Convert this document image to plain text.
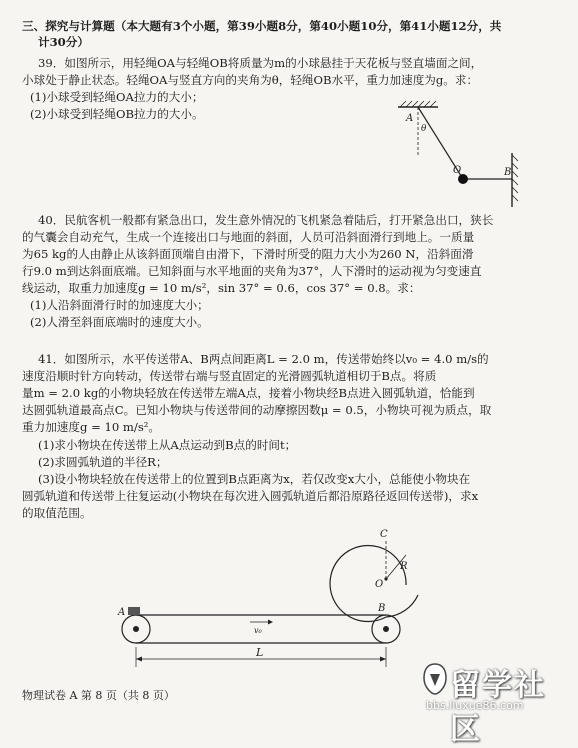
三、探究与计算题（本大题有3个小题，第39小题8分，第40小题10分，第41小题12分，共
计30分）
39．如图所示，用轻绳OA与轻绳OB将质量为m的小球悬挂于天花板与竖直墙面之间，
小球处于静止状态。轻绳OA与竖直方向的夹角为θ，轻绳OB水平，重力加速度为g。求：
(1)小球受到轻绳OA拉力的大小；
(2)小球受到轻绳OB拉力的大小。	A
θ
O	B
40．民航客机一般都有紧急出口，发生意外情况的飞机紧急着陆后，打开紧急出口，狭长
的气囊会自动充气，生成一个连接出口与地面的斜面，人员可沿斜面滑行到地上。一质量
为65 kg的人由静止从该斜面顶端自由滑下，下滑时所受的阻力大小为260 N，沿斜面滑
行9.0 m到达斜面底端。已知斜面与水平地面的夹角为37°，人下滑时的运动视为匀变速直
线运动，取重力加速度g = 10 m/s²，sin 37° = 0.6，cos 37° = 0.8。求：
(1)人沿斜面滑行时的加速度大小；
(2)人滑至斜面底端时的速度大小。
41．如图所示，水平传送带A、B两点间距离L = 2.0 m，传送带始终以v₀ = 4.0 m/s的
速度沿顺时针方向转动，传送带右端与竖直固定的光滑圆弧轨道相切于B点。将质
量m = 2.0 kg的小物块轻放在传送带左端A点，接着小物块经B点进入圆弧轨道，恰能到
达圆弧轨道最高点C。已知小物块与传送带间的动摩擦因数μ = 0.5，小物块可视为质点，取
重力加速度g = 10 m/s²。
(1)求小物块在传送带上从A点运动到B点的时间t；
(2)求圆弧轨道的半径R；
(3)设小物块轻放在传送带上的位置到B点距离为x，若仅改变x大小，总能使小物块在
圆弧轨道和传送带上往复运动(小物块在每次进入圆弧轨道后都沿原路径返回传送带)，求x
的取值范围。
C
R
O
A	B
v₀
L
物理试卷 A 第 8 页（共 8 页）	留学社区
bbs.liuxue86.com
